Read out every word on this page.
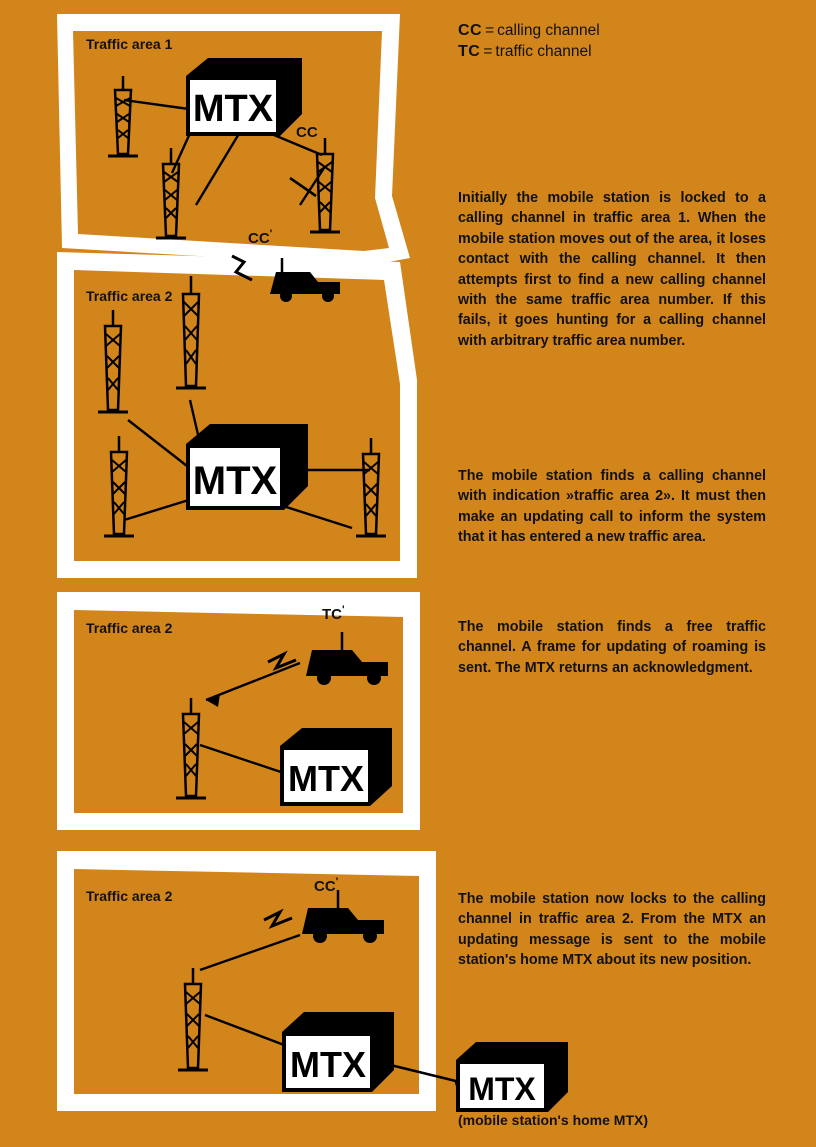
CC = calling channel
TC = traffic channel
Initially the mobile station is locked to a calling channel in traffic area 1. When the mobile station moves out of the area, it loses contact with the calling channel. It then attempts first to find a new calling channel with the same traffic area number. If this fails, it goes hunting for a calling channel with arbitrary traffic area number.
The mobile station finds a calling channel with indication »traffic area 2». It must then make an updating call to inform the system that it has entered a new traffic area.
The mobile station finds a free traffic channel. A frame for updating of roaming is sent. The MTX returns an acknowledgment.
The mobile station now locks to the calling channel in traffic area 2. From the MTX an updating message is sent to the mobile station's home MTX about its new position.
(mobile station's home MTX)
Traffic area 1
CC
CC'
MTX
Traffic area 2
MTX
Traffic area 2
TC'
MTX
Traffic area 2
CC'
MTX
MTX
